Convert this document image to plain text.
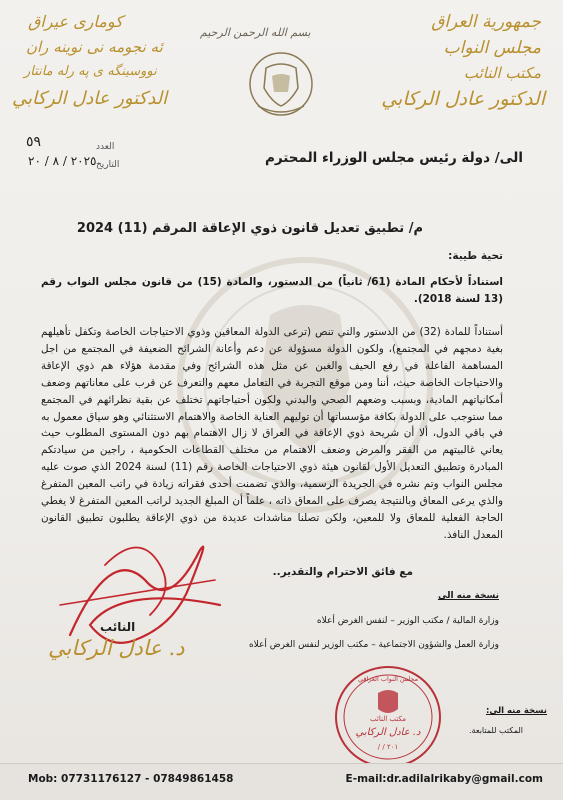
جمهورية العراق
مجلس النواب
مكتب النائب
الدكتور عادل الركابي
كومارى عيراق
ئه نجومه نى نوينه ران
نووسينگه ى په رله مانتار
الدكتور عادل الركابي
بسم الله الرحمن الرحيم
٥٩	العدد
٢٠٢٥ / ٨ / ٢٠ التاريخ	الى/ دولة رئيس مجلس الوزراء المحترم
م/ تطبيق تعديل قانون ذوي الإعاقة المرقم (11) 2024
تحية طيبة:
استناداً لأحكام المادة (61/ ثانياً) من الدستور، والمادة (15) من قانون مجلس النواب رقم (13 لسنة 2018).
أستناداً للمادة (32) من الدستور والتي تنص (ترعى الدولة المعاقين وذوي الاحتياجات الخاصة وتكفل تأهيلهم بغية دمجهم في المجتمع)، ولكون الدولة مسؤولة عن دعم وأعانة الشرائح الضعيفة في المجتمع من اجل المساهمة الفاعلة في رفع الحيف والغبن عن مثل هذه الشرائح وفي مقدمة هؤلاء هم ذوي الإعاقة والاحتياجات الخاصة حيث، أننا ومن موقع التجربة في التعامل معهم والتعرف عن قرب على معاناتهم وضعف أمكانياتهم المادية، وبسبب وضعهم الصحي والبدني ولكون أحتياجاتهم تختلف عن بقية نظرائهم في المجتمع مما ستوجب على الدولة بكافة مؤسساتها أن توليهم العناية الخاصة والاهتمام الاستثنائي وهو سياق معمول به في باقي الدول، ألا أن شريحة ذوي الإعاقة في العراق لا زال الاهتمام بهم دون المستوى المطلوب حيث يعاني غالبيتهم من الفقر والمرض وضعف الاهتمام من مختلف القطاعات الحكومية ، راجين من سيادتكم المبادرة وتطبيق التعديل الأول لقانون هيئة ذوي الاحتياجات الخاصة رقم (11) لسنة 2024 الذي صوت عليه مجلس النواب وتم نشره في الجريدة الرسمية، والذي تضمنت أحدى فقراته زيادة في راتب المعين المتفرغ والذي يرعى المعاق وبالنتيجة يصرف على المعاق ذاته ، علماً أن المبلغ الجديد لراتب المعين المتفرغ لا يغطي الحاجة الفعلية للمعاق ولا للمعين، ولكن تصلنا مناشدات عديدة من ذوي الإعاقة يطلبون تطبيق القانون المعدل النافذ.
مع فائق الاحترام والتقدير..
نسخة منه الى
وزارة المالية / مكتب الوزير – لنفس الغرض أعلاه
وزارة العمل والشؤون الاجتماعية – مكتب الوزير لنفس الغرض أعلاه
النائب
د. عادل الركابي
نسخة منه الى:
المكتب للمتابعة.
مجلس النواب العراقي
مكتب النائب
د. عادل الركابي
٢٠١ / /
Mob: 07731176127 - 07849861458	E-mail:dr.adilalrikaby@gmail.com
